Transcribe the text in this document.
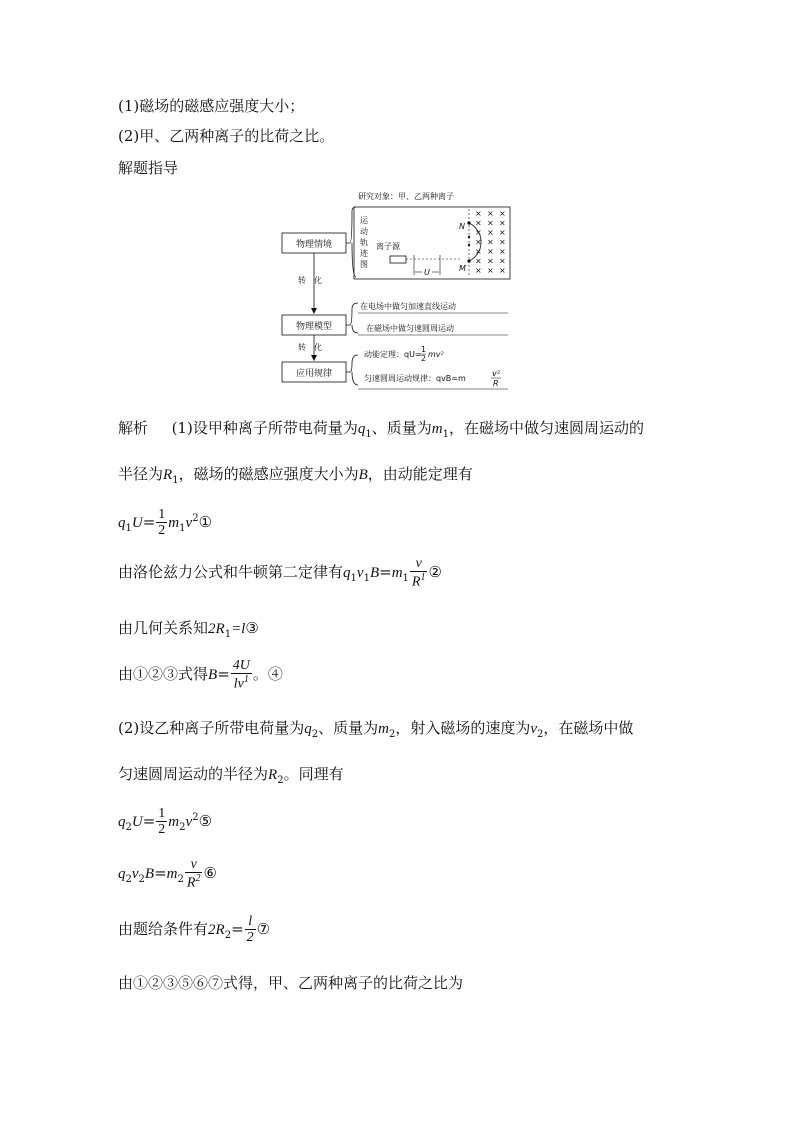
(1)磁场的磁感应强度大小；
(2)甲、乙两种离子的比荷之比。
解题指导
物理情境
物理模型
应用规律
转　化
转　化
研究对象：甲、乙两种离子
运
动
轨
迹
图
离子源
U
N
M
× × ×
× × ×
× × ×
× × ×
× × ×
× × ×
× × ×
在电场中做匀加速直线运动
在磁场中做匀速圆周运动
动能定理：qU=
1
2 mv²
匀速圆周运动规律：qvB=m
v²
R
解析 (1)设甲种离子所带电荷量为$q_1$、质量为$m_1$，在磁场中做匀速圆周运动的
半径为$R_1$，磁场的磁感应强度大小为B，由动能定理有
$q_1U= \frac{1}{2}$ $m_1v^2①$
由洛伦兹力公式和牛顿第二定律有$q_1v_1B=m_1 \frac{v}{R^1}$ ②
由几何关系知$2R_1=l③$
由①②③式得$B= \frac{4U}{lv^1}$ 。④
(2)设乙种离子所带电荷量为$q_2$、质量为$m_2$，射入磁场的速度为$v_2$，在磁场中做
匀速圆周运动的半径为$R_2$。同理有
$q_2U= \frac{1}{2}$ $m_2v^2⑤$
$q_2v_2B=m_2 \frac{v}{R^2}$ ⑥
由题给条件有$2R_2= \frac{l}{2}$ ⑦
由①②③⑤⑥⑦式得，甲、乙两种离子的比荷之比为
